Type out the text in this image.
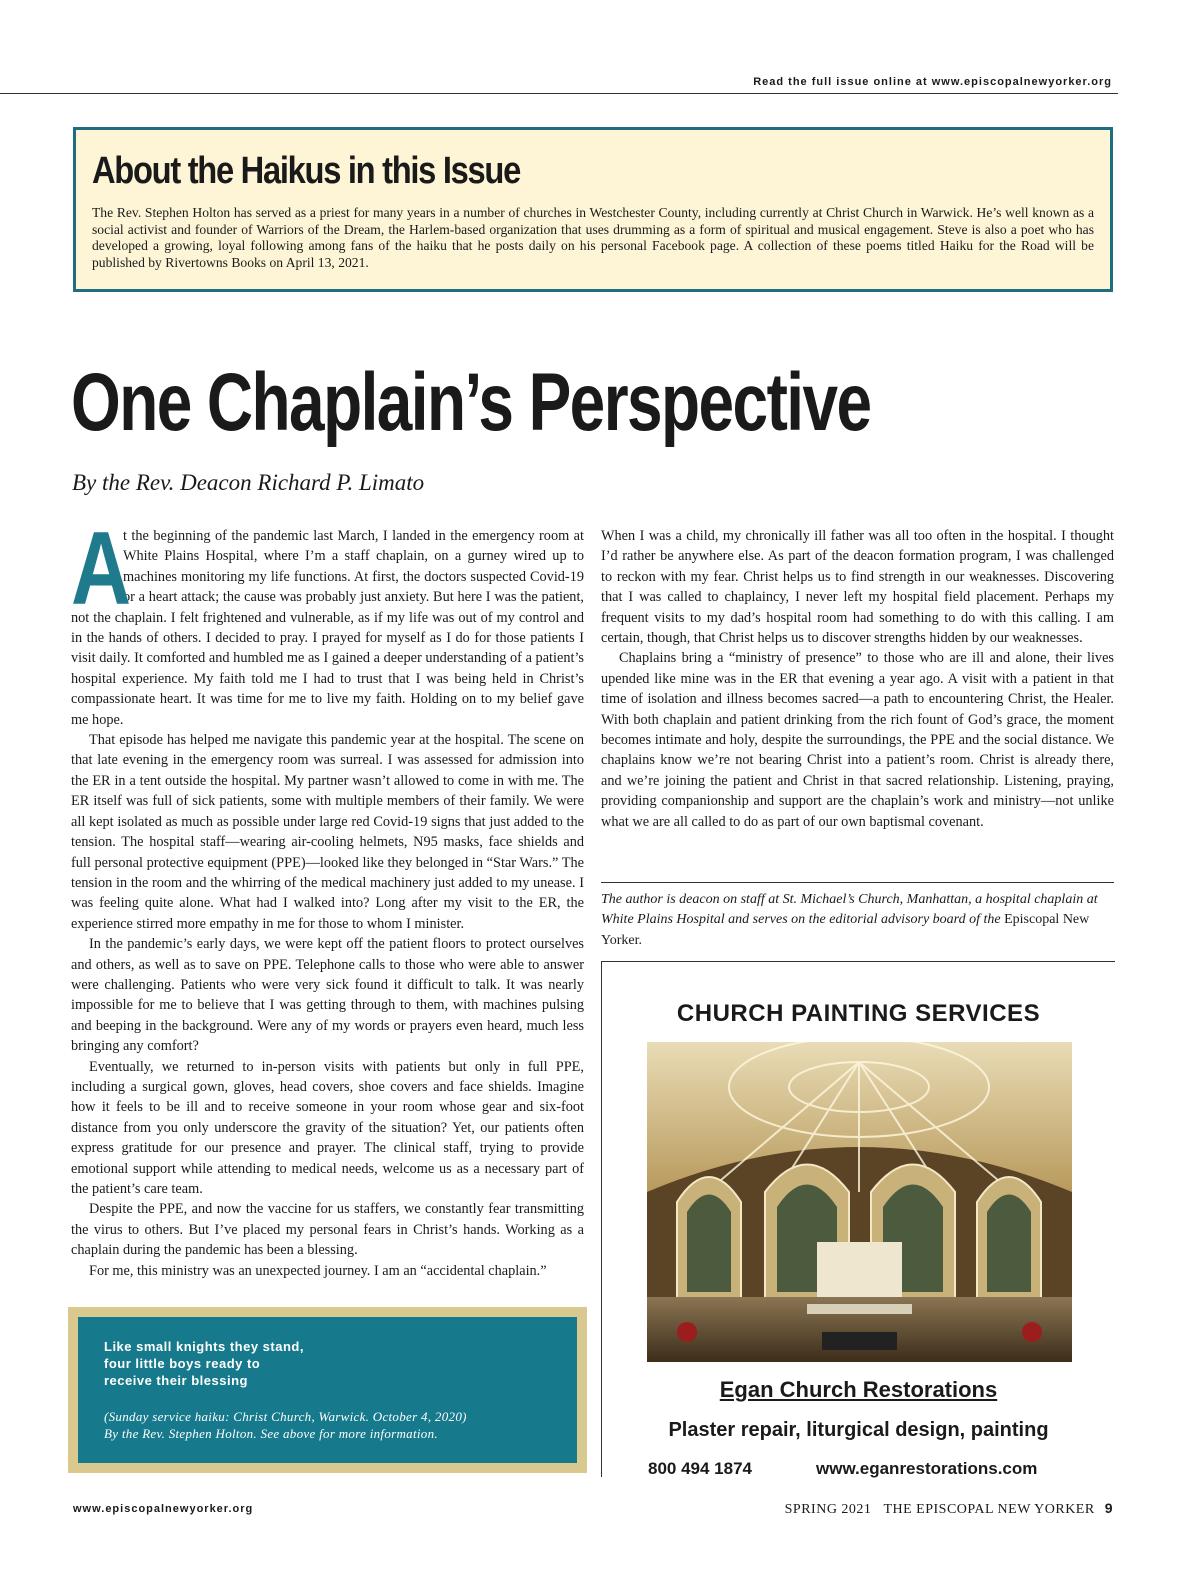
Read the full issue online at www.episcopalnewyorker.org
About the Haikus in this Issue
The Rev. Stephen Holton has served as a priest for many years in a number of churches in Westchester County, including currently at Christ Church in Warwick. He’s well known as a social activist and founder of Warriors of the Dream, the Harlem-based organization that uses drumming as a form of spiritual and musical engagement. Steve is also a poet who has developed a growing, loyal following among fans of the haiku that he posts daily on his personal Facebook page. A collection of these poems titled Haiku for the Road will be published by Rivertowns Books on April 13, 2021.
One Chaplain’s Perspective
By the Rev. Deacon Richard P. Limato

A
t the beginning of the pandemic last March, I landed in the emergency room at White Plains Hospital, where I’m a staff chaplain, on a gurney wired up to machines monitoring my life functions. At first, the doctors suspected Covid-19 or a heart attack; the cause was probably just anxiety. But here I was the patient, not the chaplain. I felt frightened and vulnerable, as if my life was out of my control and in the hands of others. I decided to pray. I prayed for myself as I do for those patients I visit daily. It comforted and humbled me as I gained a deeper understanding of a patient’s hospital experience. My faith told me I had to trust that I was being held in Christ’s compassionate heart. It was time for me to live my faith. Holding on to my belief gave me hope.

That episode has helped me navigate this pandemic year at the hospital. The scene on that late evening in the emergency room was surreal. I was assessed for admission into the ER in a tent outside the hospital. My partner wasn’t allowed to come in with me. The ER itself was full of sick patients, some with multiple members of their family. We were all kept isolated as much as possible under large red Covid-19 signs that just added to the tension. The hospital staff—wearing air-cooling helmets, N95 masks, face shields and full personal protective equipment (PPE)—looked like they belonged in “Star Wars.” The tension in the room and the whirring of the medical machinery just added to my unease. I was feeling quite alone. What had I walked into? Long after my visit to the ER, the experience stirred more empathy in me for those to whom I minister.

In the pandemic’s early days, we were kept off the patient floors to protect ourselves and others, as well as to save on PPE. Telephone calls to those who were able to answer were challenging. Patients who were very sick found it difficult to talk. It was nearly impossible for me to believe that I was getting through to them, with machines pulsing and beeping in the background. Were any of my words or prayers even heard, much less bringing any comfort?

Eventually, we returned to in-person visits with patients but only in full PPE, including a surgical gown, gloves, head covers, shoe covers and face shields. Imagine how it feels to be ill and to receive someone in your room whose gear and six-foot distance from you only underscore the gravity of the situation? Yet, our patients often express gratitude for our presence and prayer. The clinical staff, trying to provide emotional support while attending to medical needs, welcome us as a necessary part of the patient’s care team.

Despite the PPE, and now the vaccine for us staffers, we constantly fear transmitting the virus to others. But I’ve placed my personal fears in Christ’s hands. Working as a chaplain during the pandemic has been a blessing.

For me, this ministry was an unexpected journey. I am an “accidental chaplain.”

When I was a child, my chronically ill father was all too often in the hospital. I thought I’d rather be anywhere else. As part of the deacon formation program, I was challenged to reckon with my fear. Christ helps us to find strength in our weaknesses. Discovering that I was called to chaplaincy, I never left my hospital field placement. Perhaps my frequent visits to my dad’s hospital room had something to do with this calling. I am certain, though, that Christ helps us to discover strengths hidden by our weaknesses.

Chaplains bring a “ministry of presence” to those who are ill and alone, their lives upended like mine was in the ER that evening a year ago. A visit with a patient in that time of isolation and illness becomes sacred—a path to encountering Christ, the Healer. With both chaplain and patient drinking from the rich fount of God’s grace, the moment becomes intimate and holy, despite the surroundings, the PPE and the social distance. We chaplains know we’re not bearing Christ into a patient’s room. Christ is already there, and we’re joining the patient and Christ in that sacred relationship. Listening, praying, providing companionship and support are the chaplain’s work and ministry—not unlike what we are all called to do as part of our own baptismal covenant.

The author is deacon on staff at St. Michael’s Church, Manhattan, a hospital chaplain at White Plains Hospital and serves on the editorial advisory board of the Episcopal New Yorker.
CHURCH PAINTING SERVICES
Egan Church Restorations
Plaster repair, liturgical design, painting
800 494 1874	www.eganrestorations.com
Like small knights they stand,
four little boys ready to
receive their blessing
(Sunday service haiku: Christ Church, Warwick. October 4, 2020)
By the Rev. Stephen Holton. See above for more information.
www.episcopalnewyorker.org	SPRING 2021 THE EPISCOPAL NEW YORKER 9
